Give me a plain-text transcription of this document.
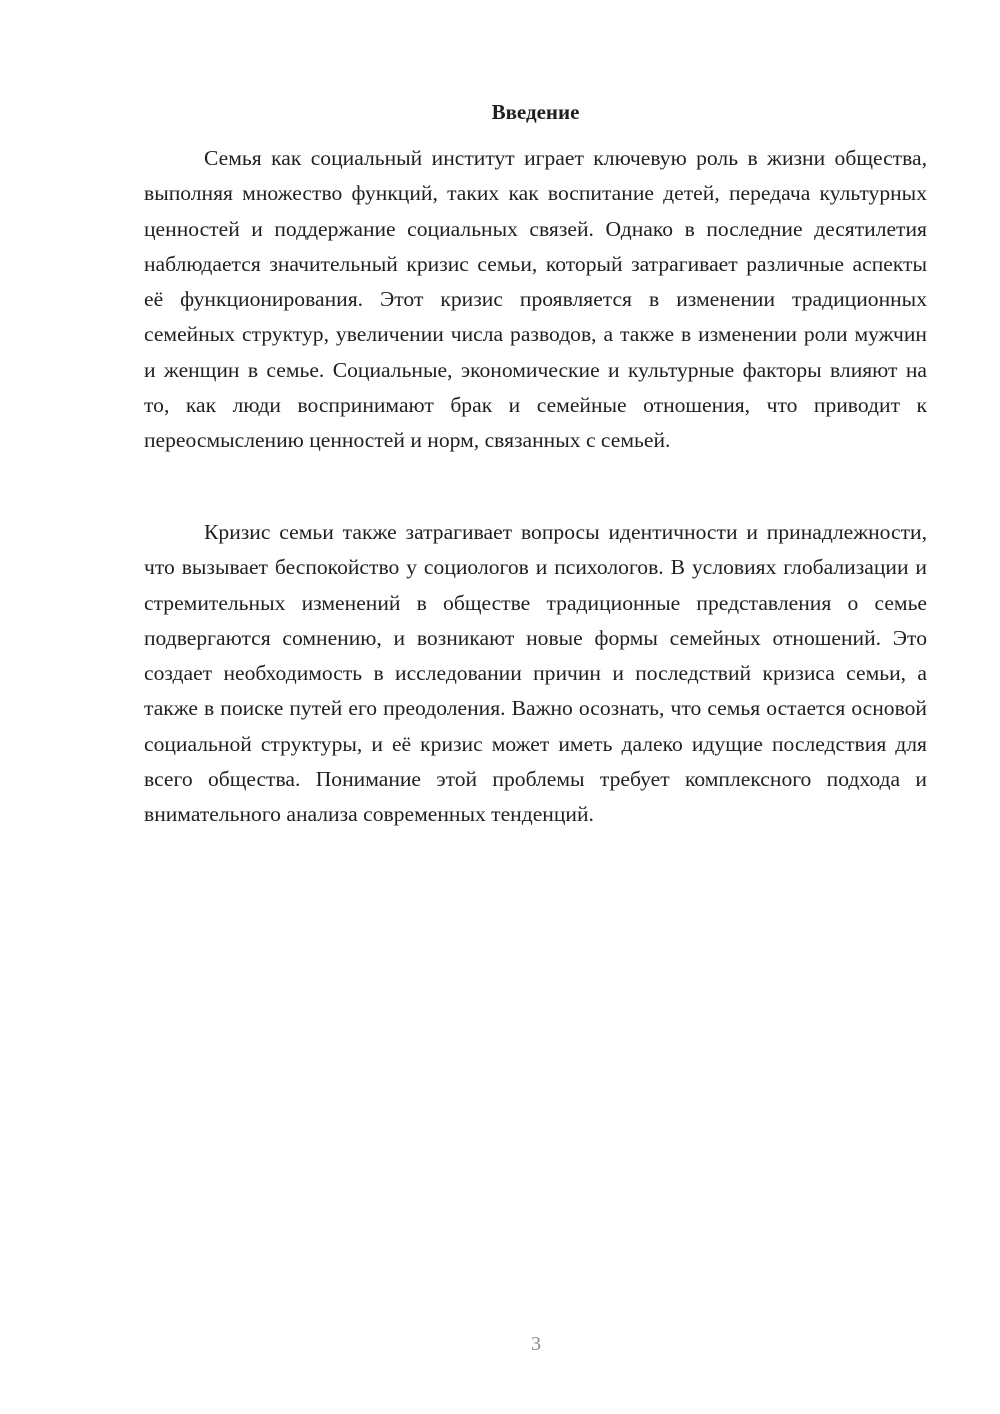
Введение

Семья как социальный институт играет ключевую роль в жизни общества, выполняя множество функций, таких как воспитание детей, передача культурных ценностей и поддержание социальных связей. Однако в последние десятилетия наблюдается значительный кризис семьи, который затрагивает различные аспекты её функционирования. Этот кризис проявляется в изменении традиционных семейных структур, увеличении числа разводов, а также в изменении роли мужчин и женщин в семье. Социальные, экономические и культурные факторы влияют на то, как люди воспринимают брак и семейные отношения, что приводит к переосмыслению ценностей и норм, связанных с семьей.

Кризис семьи также затрагивает вопросы идентичности и принадлежности, что вызывает беспокойство у социологов и психологов. В условиях глобализации и стремительных изменений в обществе традиционные представления о семье подвергаются сомнению, и возникают новые формы семейных отношений. Это создает необходимость в исследовании причин и последствий кризиса семьи, а также в поиске путей его преодоления. Важно осознать, что семья остается основой социальной структуры, и её кризис может иметь далеко идущие последствия для всего общества. Понимание этой проблемы требует комплексного подхода и внимательного анализа современных тенденций.

3
